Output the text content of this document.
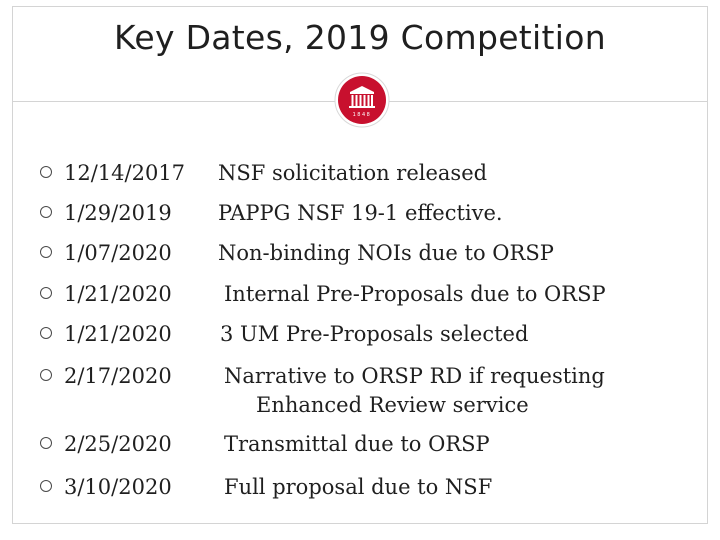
Key Dates, 2019 Competition
1848
12/14/2017 NSF solicitation released
1/29/2019 PAPPG NSF 19-1 effective.
1/07/2020 Non-binding NOIs due to ORSP
1/21/2020 Internal Pre-Proposals due to ORSP
1/21/2020 3 UM Pre-Proposals selected
2/17/2020 Narrative to ORSP RD if requesting
Enhanced Review service
2/25/2020 Transmittal due to ORSP
3/10/2020 Full proposal due to NSF
